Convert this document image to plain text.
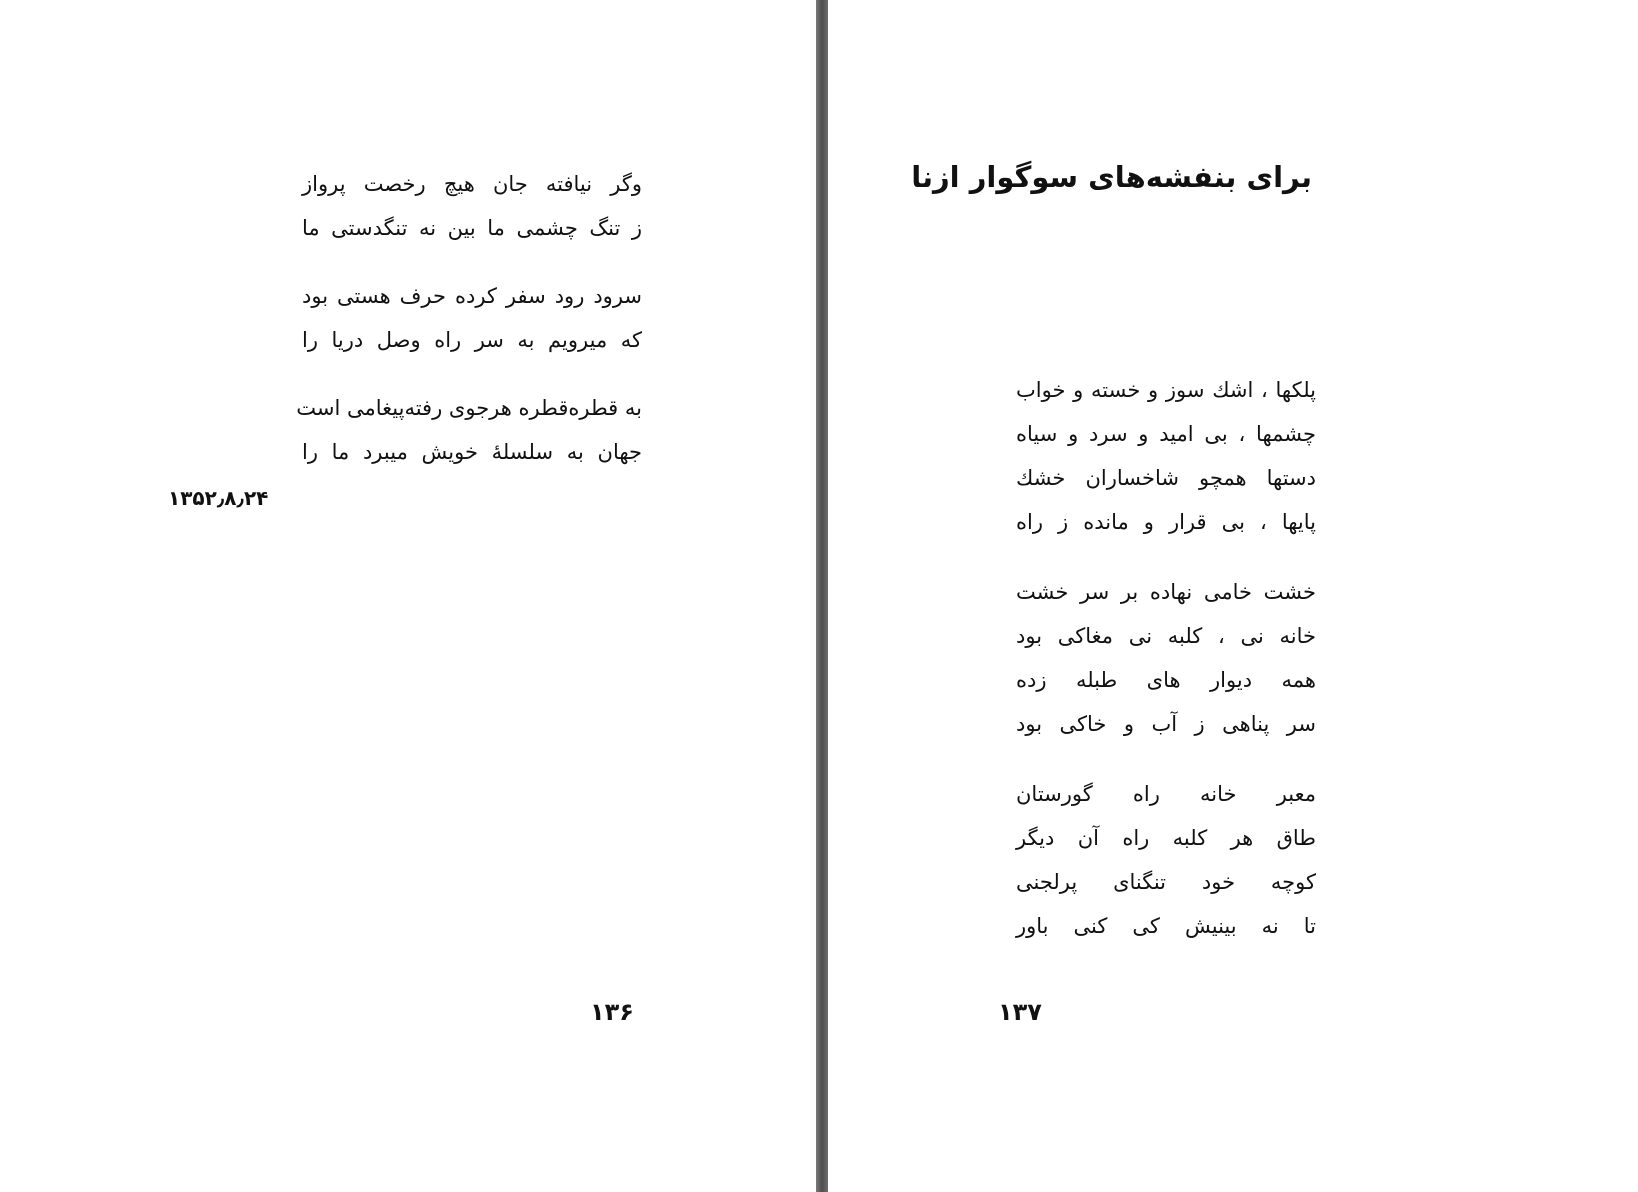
وگر نیافته جان هیچ رخصت پرواز
ز تنگ چشمی ما بین نه تنگدستی ما
سرود رود سفر کرده حرف هستی بود
که میرویم به سر راه وصل دریا را
به قطره‌قطره هرجوی رفته‌پیغامی است
جهان به سلسلهٔ خویش میبرد ما را
۱۳۵۲٫۸٫۲۴
۱۳۶
برای بنفشه‌های سوگوار ازنا
پلکها ، اشك سوز و خسته و خواب
چشمها ، بی امید و سرد و سیاه
دستها همچو شاخساران خشك
پایها ، بی قرار و مانده ز راه
خشت خامی نهاده بر سر خشت
خانه نی ، کلبه نی مغاکی بود
همه دیوار های طبله زده
سر پناهی ز آب و خاکی بود
معبر خانه راه گورستان
طاق هر کلبه راه آن دیگر
کوچه خود تنگنای پرلجنی
تا نه بینیش کی کنی باور
۱۳۷
